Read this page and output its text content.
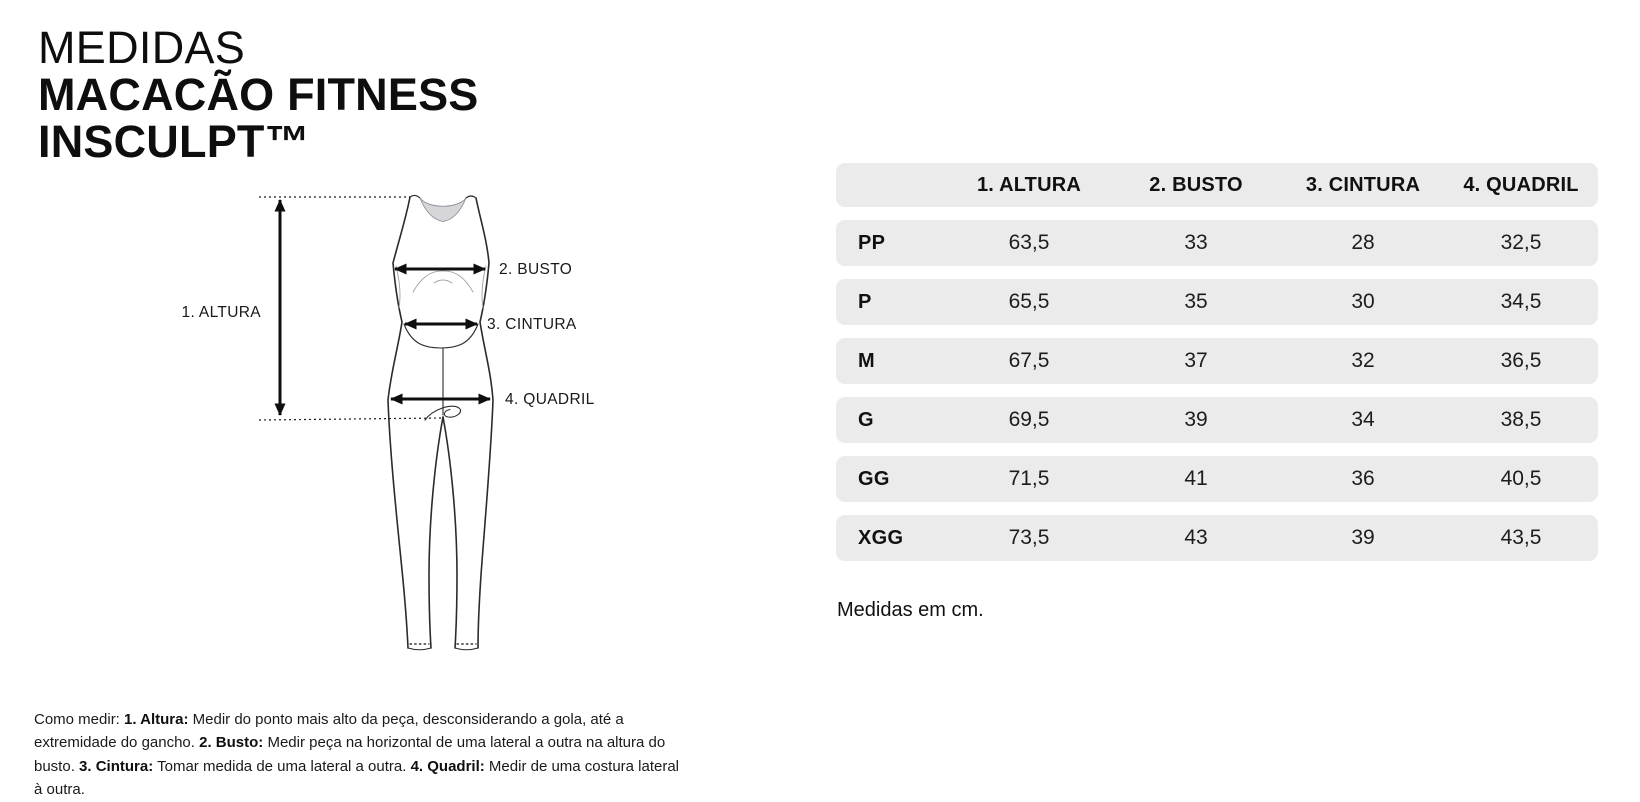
MEDIDAS
MACACÃO FITNESS
INSCULPT™
1. ALTURA
2. BUSTO
3. CINTURA
4. QUADRIL
1. ALTURA	2. BUSTO	3. CINTURA	4. QUADRIL
PP	63,5	33	28	32,5
P	65,5	35	30	34,5
M	67,5	37	32	36,5
G	69,5	39	34	38,5
GG	71,5	41	36	40,5
XGG	73,5	43	39	43,5
Medidas em cm.

Como medir: 1. Altura: Medir do ponto mais alto da peça, desconsiderando a gola, até a extremidade do gancho. 2. Busto: Medir peça na horizontal de uma lateral a outra na altura do busto. 3. Cintura: Tomar medida de uma lateral a outra. 4. Quadril: Medir de uma costura lateral à outra.
